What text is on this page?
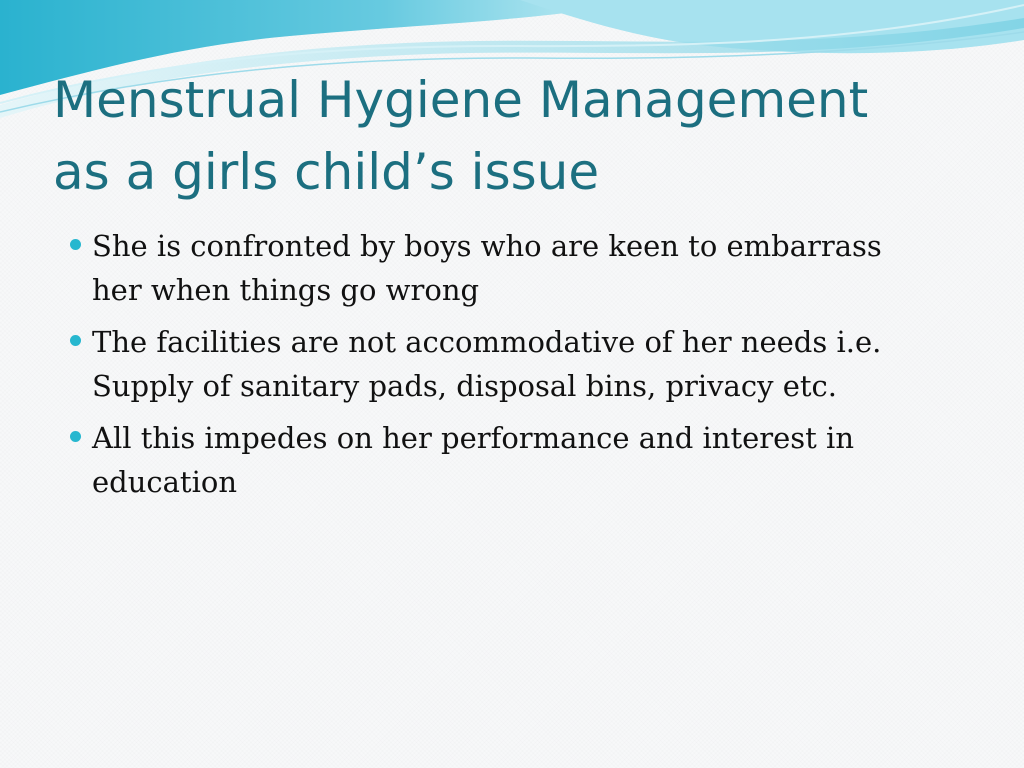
Menstrual Hygiene Management
as a girls child’s issue
She is confronted by boys who are keen to embarrass
her when things go wrong
The facilities are not accommodative of her needs i.e.
Supply of sanitary pads, disposal bins, privacy etc.
All this impedes on her performance and interest in
education
